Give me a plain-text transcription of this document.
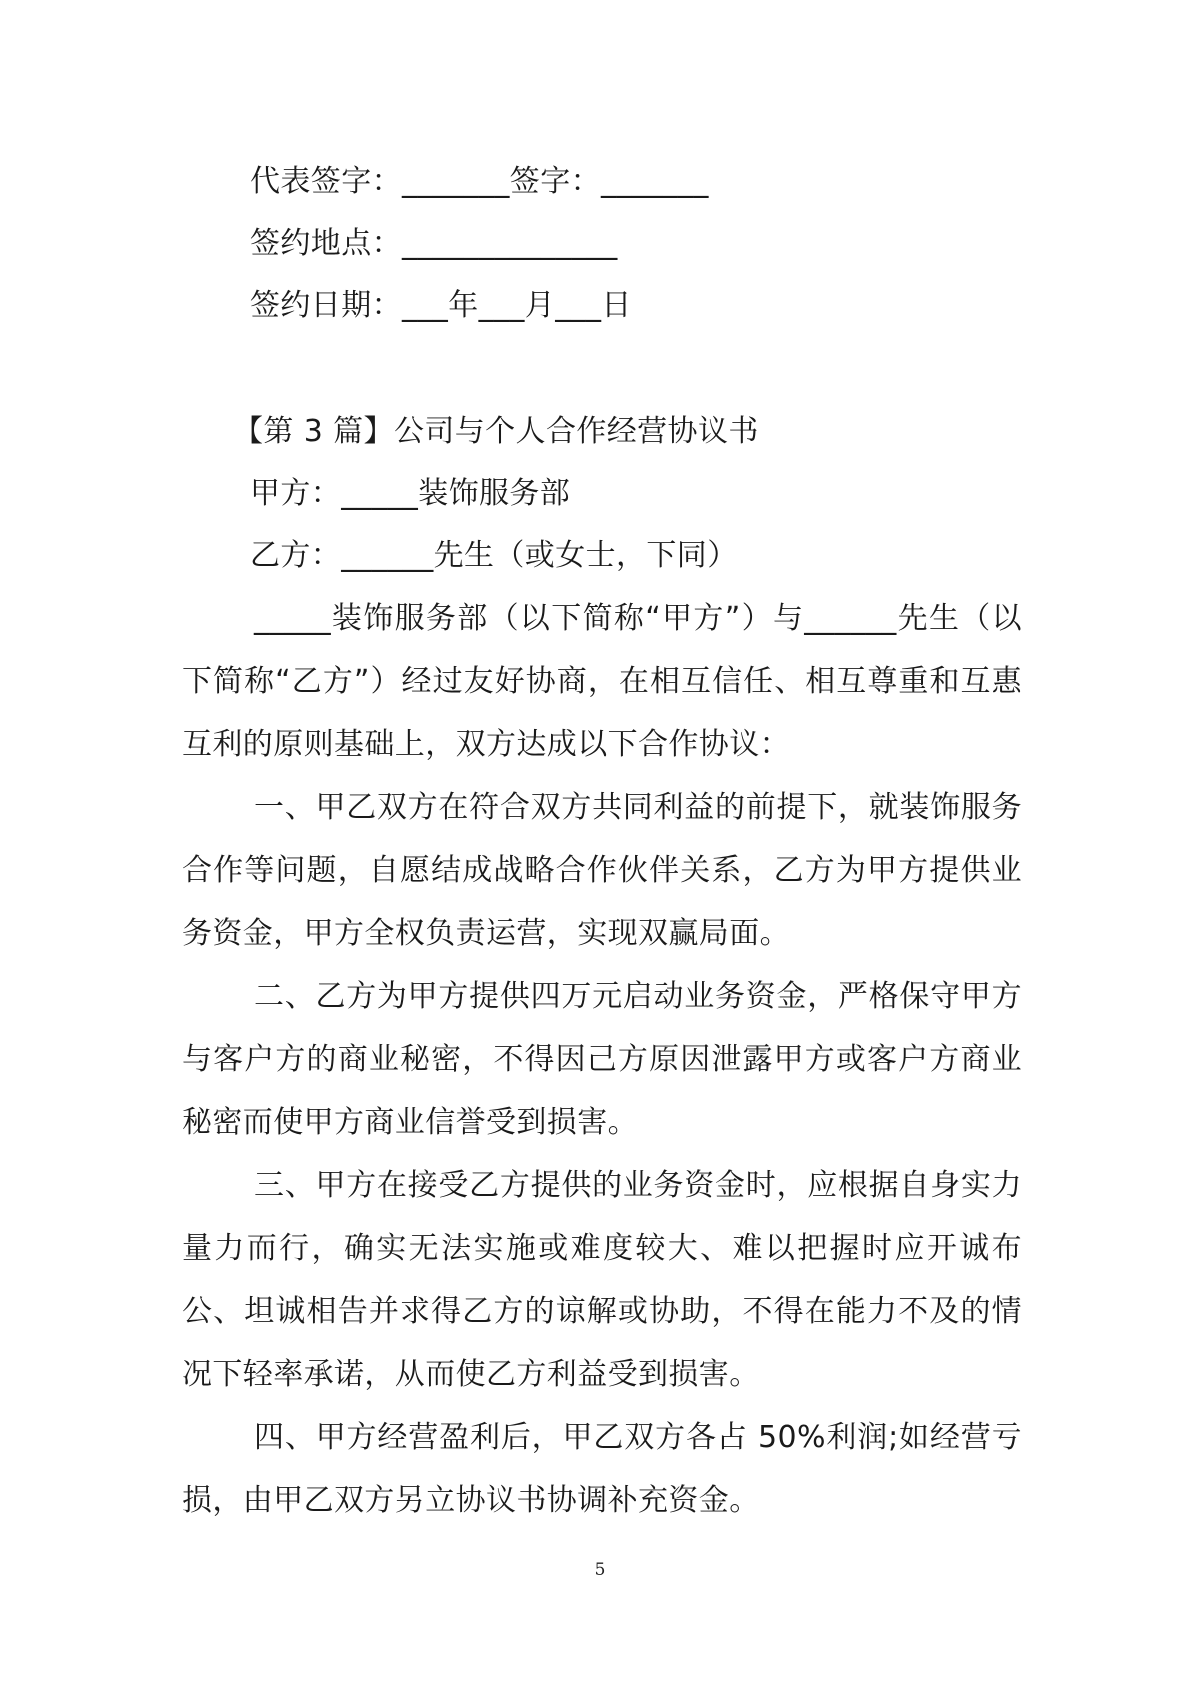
代表签字：_______签字：_______
签约地点：______________
签约日期：___年___月___日
【第 3 篇】公司与个人合作经营协议书
甲方：_____装饰服务部
乙方：______先生（或女士，下同）

_____装饰服务部（以下简称“甲方”）与______先生（以下简称“乙方”）经过友好协商，在相互信任、相互尊重和互惠互利的原则基础上，双方达成以下合作协议：

一、甲乙双方在符合双方共同利益的前提下，就装饰服务合作等问题，自愿结成战略合作伙伴关系，乙方为甲方提供业务资金，甲方全权负责运营，实现双赢局面。

二、乙方为甲方提供四万元启动业务资金，严格保守甲方与客户方的商业秘密，不得因己方原因泄露甲方或客户方商业秘密而使甲方商业信誉受到损害。

三、甲方在接受乙方提供的业务资金时，应根据自身实力量力而行，确实无法实施或难度较大、难以把握时应开诚布公、坦诚相告并求得乙方的谅解或协助，不得在能力不及的情况下轻率承诺，从而使乙方利益受到损害。

四、甲方经营盈利后，甲乙双方各占 50%利润;如经营亏损，由甲乙双方另立协议书协调补充资金。

5
